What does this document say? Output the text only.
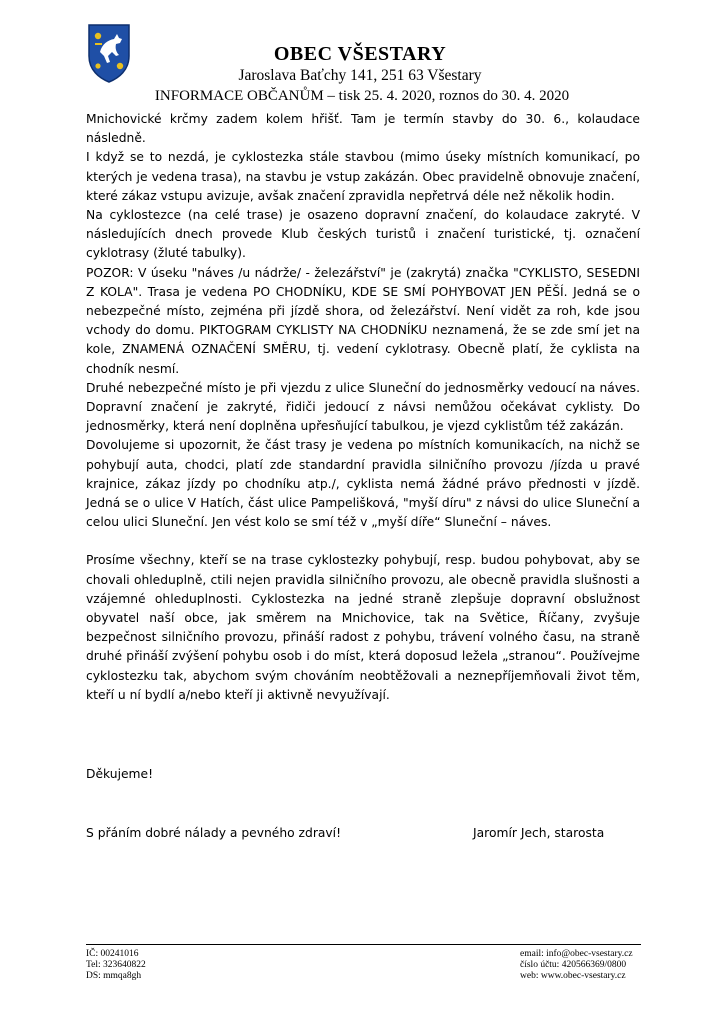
OBEC VŠESTARY
Jaroslava Baťchy 141, 251 63 Všestary
INFORMACE OBČANŮM – tisk 25. 4. 2020, roznos do 30. 4. 2020

Mnichovické krčmy zadem kolem hřišť. Tam je termín stavby do 30. 6., kolaudace následně.

I když se to nezdá, je cyklostezka stále stavbou (mimo úseky místních komunikací, po kterých je vedena trasa), na stavbu je vstup zakázán. Obec pravidelně obnovuje značení, které zákaz vstupu avizuje, avšak značení zpravidla nepřetrvá déle než několik hodin.

Na cyklostezce (na celé trase) je osazeno dopravní značení, do kolaudace zakryté. V následujících dnech provede Klub českých turistů i značení turistické, tj. označení cyklotrasy (žluté tabulky).

POZOR: V úseku "náves /u nádrže/ - železářství" je (zakrytá) značka "CYKLISTO, SESEDNI Z KOLA". Trasa je vedena PO CHODNÍKU, KDE SE SMÍ POHYBOVAT JEN PĚŠÍ. Jedná se o nebezpečné místo, zejména při jízdě shora, od železářství. Není vidět za roh, kde jsou vchody do domu. PIKTOGRAM CYKLISTY NA CHODNÍKU neznamená, že se zde smí jet na kole, ZNAMENÁ OZNAČENÍ SMĚRU, tj. vedení cyklotrasy. Obecně platí, že cyklista na chodník nesmí.

Druhé nebezpečné místo je při vjezdu z ulice Sluneční do jednosměrky vedoucí na náves. Dopravní značení je zakryté, řidiči jedoucí z návsi nemůžou očekávat cyklisty. Do jednosměrky, která není doplněna upřesňující tabulkou, je vjezd cyklistům též zakázán.

Dovolujeme si upozornit, že část trasy je vedena po místních komunikacích, na nichž se pohybují auta, chodci, platí zde standardní pravidla silničního provozu /jízda u pravé krajnice, zákaz jízdy po chodníku atp./, cyklista nemá žádné právo přednosti v jízdě. Jedná se o ulice V Hatích, část ulice Pampelišková, "myší díru" z návsi do ulice Sluneční a celou ulici Sluneční. Jen vést kolo se smí též v „myší díře“ Sluneční – náves.

Prosíme všechny, kteří se na trase cyklostezky pohybují, resp. budou pohybovat, aby se chovali ohleduplně, ctili nejen pravidla silničního provozu, ale obecně pravidla slušnosti a vzájemné ohleduplnosti. Cyklostezka na jedné straně zlepšuje dopravní obslužnost obyvatel naší obce, jak směrem na Mnichovice, tak na Světice, Říčany, zvyšuje bezpečnost silničního provozu, přináší radost z pohybu, trávení volného času, na straně druhé přináší zvýšení pohybu osob i do míst, která doposud ležela „stranou“. Používejme cyklostezku tak, abychom svým chováním neobtěžovali a neznepříjemňovali život těm, kteří u ní bydlí a/nebo kteří ji aktivně nevyužívají.

Děkujeme!
S přáním dobré nálady a pevného zdraví!	Jaromír Jech, starosta
IČ: 00241016
Tel: 323640822
DS: mmqa8gh
email: info@obec-vsestary.cz
číslo účtu: 420566369/0800
web: www.obec-vsestary.cz
